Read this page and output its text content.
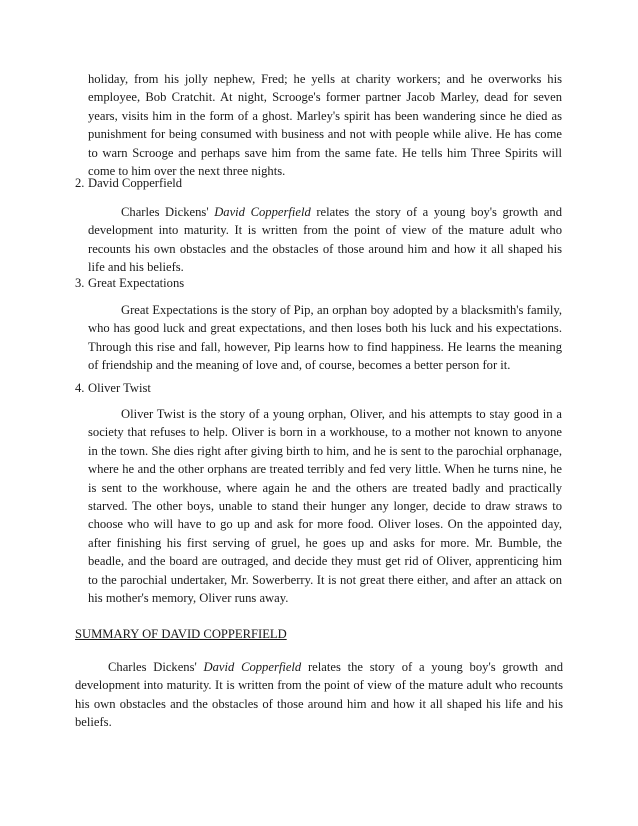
holiday, from his jolly nephew, Fred; he yells at charity workers; and he overworks his employee, Bob Cratchit. At night, Scrooge's former partner Jacob Marley, dead for seven years, visits him in the form of a ghost. Marley's spirit has been wandering since he died as punishment for being consumed with business and not with people while alive. He has come to warn Scrooge and perhaps save him from the same fate. He tells him Three Spirits will come to him over the next three nights.
2. David Copperfield
Charles Dickens' David Copperfield relates the story of a young boy's growth and development into maturity. It is written from the point of view of the mature adult who recounts his own obstacles and the obstacles of those around him and how it all shaped his life and his beliefs.
3. Great Expectations
Great Expectations is the story of Pip, an orphan boy adopted by a blacksmith's family, who has good luck and great expectations, and then loses both his luck and his expectations. Through this rise and fall, however, Pip learns how to find happiness. He learns the meaning of friendship and the meaning of love and, of course, becomes a better person for it.
4. Oliver Twist
Oliver Twist is the story of a young orphan, Oliver, and his attempts to stay good in a society that refuses to help. Oliver is born in a workhouse, to a mother not known to anyone in the town. She dies right after giving birth to him, and he is sent to the parochial orphanage, where he and the other orphans are treated terribly and fed very little. When he turns nine, he is sent to the workhouse, where again he and the others are treated badly and practically starved. The other boys, unable to stand their hunger any longer, decide to draw straws to choose who will have to go up and ask for more food. Oliver loses. On the appointed day, after finishing his first serving of gruel, he goes up and asks for more. Mr. Bumble, the beadle, and the board are outraged, and decide they must get rid of Oliver, apprenticing him to the parochial undertaker, Mr. Sowerberry. It is not great there either, and after an attack on his mother's memory, Oliver runs away.
SUMMARY OF DAVID COPPERFIELD
Charles Dickens' David Copperfield relates the story of a young boy's growth and development into maturity. It is written from the point of view of the mature adult who recounts his own obstacles and the obstacles of those around him and how it all shaped his life and his beliefs.
